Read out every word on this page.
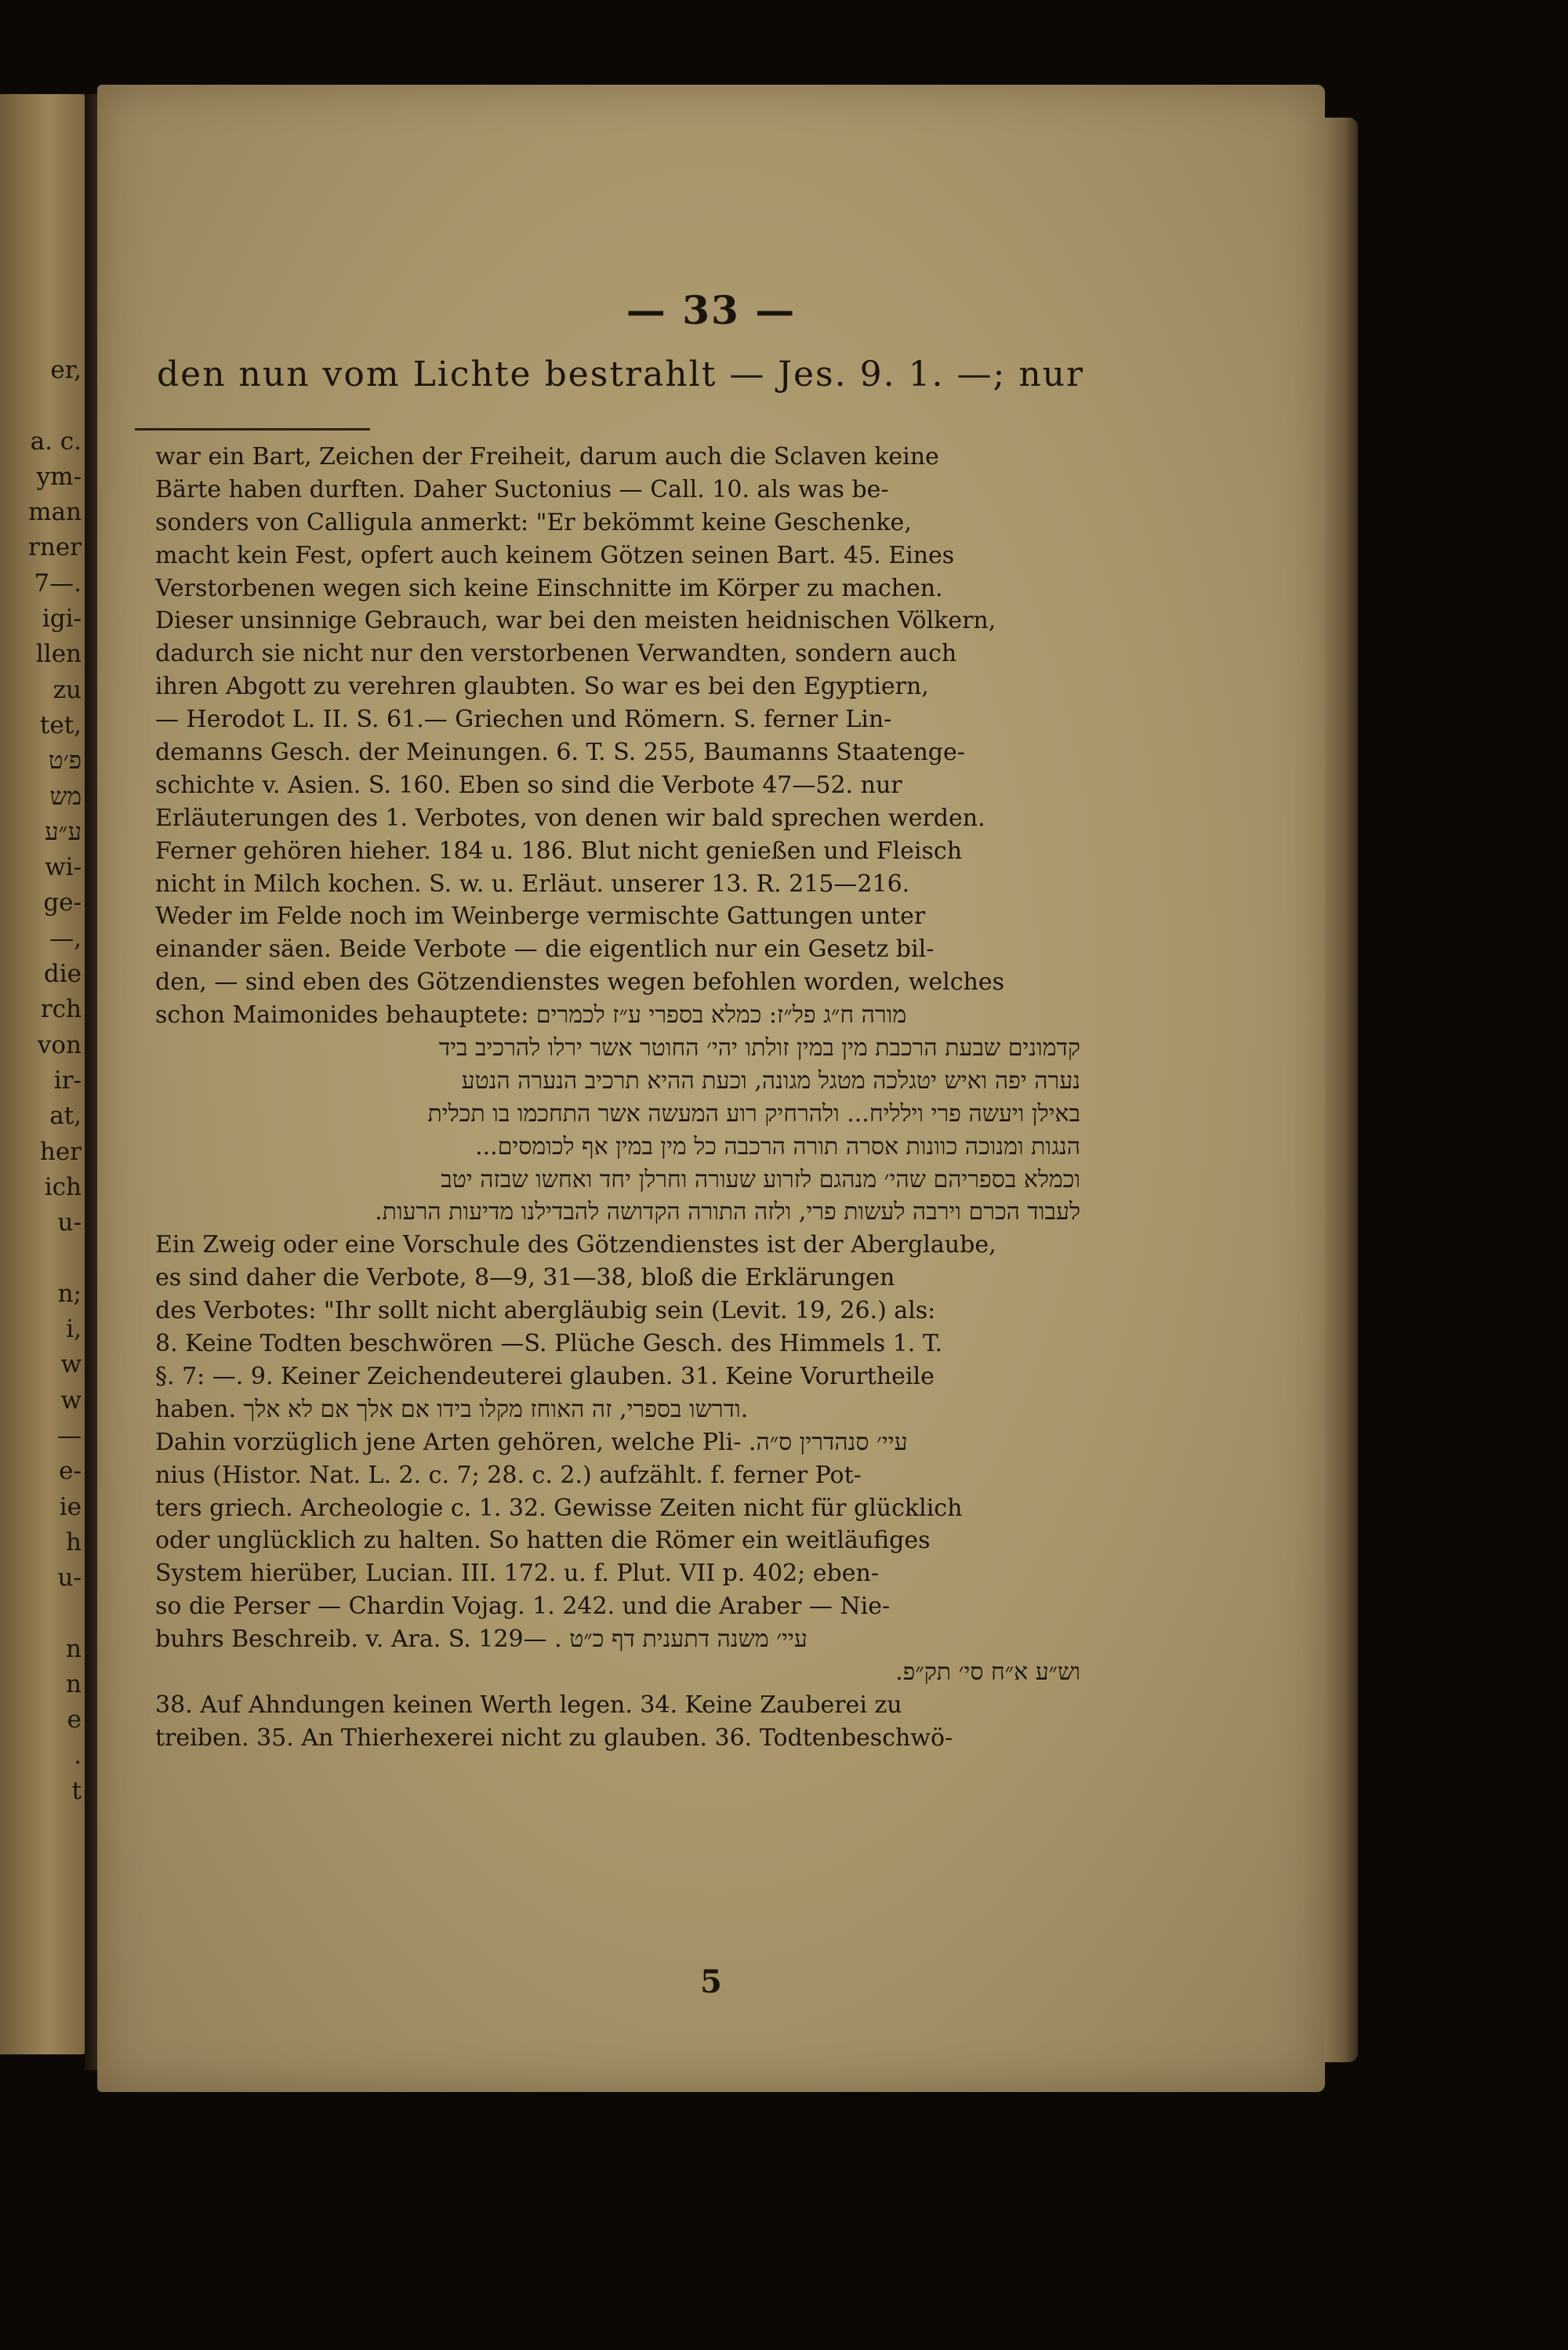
er,
a. c.
ym-
man
rner
7—.
igi-
llen
zu
tet,
פ׳ט
מש
ע״ע
wi-
ge-
—,
die
rch
von
ir-
at,
her
ich
u-
n;
i,
w
w
—
e-
ie
h
u-
n
n
e
.
t
— 33 —

den nun vom Lichte bestrahlt — Jes. 9. 1. —; nur

war ein Bart, Zeichen der Freiheit, darum auch die Sclaven keine
Bärte haben durften. Daher Suctonius — Call. 10. als was be-
sonders von Calligula anmerkt: "Er bekömmt keine Geschenke,
macht kein Fest, opfert auch keinem Götzen seinen Bart. 45. Eines
Verstorbenen wegen sich keine Einschnitte im Körper zu machen.
Dieser unsinnige Gebrauch, war bei den meisten heidnischen Völkern,
dadurch sie nicht nur den verstorbenen Verwandten, sondern auch
ihren Abgott zu verehren glaubten. So war es bei den Egyptiern,
— Herodot L. II. S. 61.— Griechen und Römern. S. ferner Lin-
demanns Gesch. der Meinungen. 6. T. S. 255, Baumanns Staatenge-
schichte v. Asien. S. 160. Eben so sind die Verbote 47—52. nur
Erläuterungen des 1. Verbotes, von denen wir bald sprechen werden.
Ferner gehören hieher. 184 u. 186. Blut nicht genießen und Fleisch
nicht in Milch kochen. S. w. u. Erläut. unserer 13. R. 215—216.
Weder im Felde noch im Weinberge vermischte Gattungen unter
einander säen. Beide Verbote — die eigentlich nur ein Gesetz bil-
den, — sind eben des Götzendienstes wegen befohlen worden, welches
schon Maimonides behauptete: מורה ח״ג פל״ז: כמלא בספרי ע״ז לכמרים
קדמונים שבעת הרכבת מין במין זולתו יהי׳ החוטר אשר ירלו להרכיב ביד
נערה יפה ואיש יטגלכה מטגל מגונה, וכעת ההיא תרכיב הנערה הנטע
באילן ויעשה פרי וילליח... ולהרחיק רוע המעשה אשר התחכמו בו תכלית
הנגות ומנוכה כוונות אסרה תורה הרכבה כל מין במין אף לכומסים...
וכמלא בספריהם שהי׳ מנהגם לזרוע שעורה וחרלן יחד ואחשו שבזה יטב
לעבוד הכרם וירבה לעשות פרי, ולזה התורה הקדושה להבדילנו מדיעות הרעות.
Ein Zweig oder eine Vorschule des Götzendienstes ist der Aberglaube,
es sind daher die Verbote, 8—9, 31—38, bloß die Erklärungen
des Verbotes: "Ihr sollt nicht abergläubig sein (Levit. 19, 26.) als:
8. Keine Todten beschwören —S. Plüche Gesch. des Himmels 1. T.
§. 7: —. 9. Keiner Zeichendeuterei glauben. 31. Keine Vorurtheile
haben. ודרשו בספרי, זה האוחז מקלו בידו אם אלך אם לא אלך.
Dahin vorzüglich jene Arten gehören, welche Pli- .עיי׳ סנהדרין ס״ה
nius (Histor. Nat. L. 2. c. 7; 28. c. 2.) aufzählt. f. ferner Pot-
ters griech. Archeologie c. 1. 32. Gewisse Zeiten nicht für glücklich
oder unglücklich zu halten. So hatten die Römer ein weitläufiges
System hierüber, Lucian. III. 172. u. f. Plut. VII p. 402; eben-
so die Perser — Chardin Vojag. 1. 242. und die Araber — Nie-
buhrs Beschreib. v. Ara. S. 129— . עיי׳ משנה דתענית דף כ״ט
וש״ע א״ח סי׳ תק״פ.
38. Auf Ahndungen keinen Werth legen. 34. Keine Zauberei zu
treiben. 35. An Thierhexerei nicht zu glauben. 36. Todtenbeschwö-

5
